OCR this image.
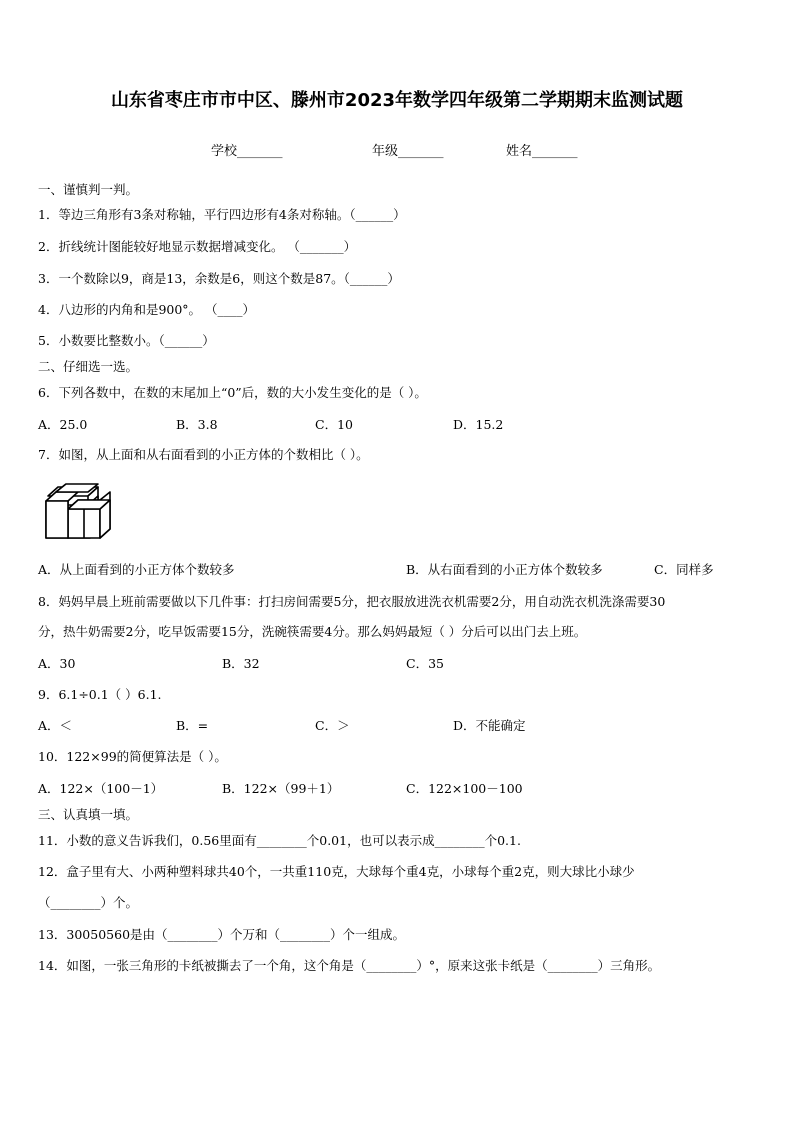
山东省枣庄市市中区、滕州市2023年数学四年级第二学期期末监测试题
学校_______	年级_______	姓名_______
一、谨慎判一判。
1．等边三角形有3条对称轴，平行四边形有4条对称轴。（______）
2．折线统计图能较好地显示数据增减变化。 （_______）
3．一个数除以9，商是13，余数是6，则这个数是87。（______）
4．八边形的内角和是900°。 （____）
5．小数要比整数小。（______）
二、仔细选一选。
6．下列各数中，在数的末尾加上“0”后，数的大小发生变化的是（ ）。
A．25.0	B．3.8	C．10	D．15.2
7．如图，从上面和从右面看到的小正方体的个数相比（ ）。
A．从上面看到的小正方体个数较多	B．从右面看到的小正方体个数较多	C．同样多
8．妈妈早晨上班前需要做以下几件事：打扫房间需要5分，把衣服放进洗衣机需要2分，用自动洗衣机洗涤需要30
分，热牛奶需要2分，吃早饭需要15分，洗碗筷需要4分。那么妈妈最短（ ）分后可以出门去上班。
A．30	B．32	C．35
9．6.1÷0.1（ ）6.1.
A．＜	B．=	C．＞	D．不能确定
10．122×99的简便算法是（ ）。
A．122×（100－1）	B．122×（99＋1）	C．122×100－100
三、认真填一填。
11．小数的意义告诉我们，0.56里面有________个0.01，也可以表示成________个0.1.
12．盒子里有大、小两种塑料球共40个，一共重110克，大球每个重4克，小球每个重2克，则大球比小球少
（________）个。
13．30050560是由（________）个万和（________）个一组成。
14．如图，一张三角形的卡纸被撕去了一个角，这个角是（________）°，原来这张卡纸是（________）三角形。
